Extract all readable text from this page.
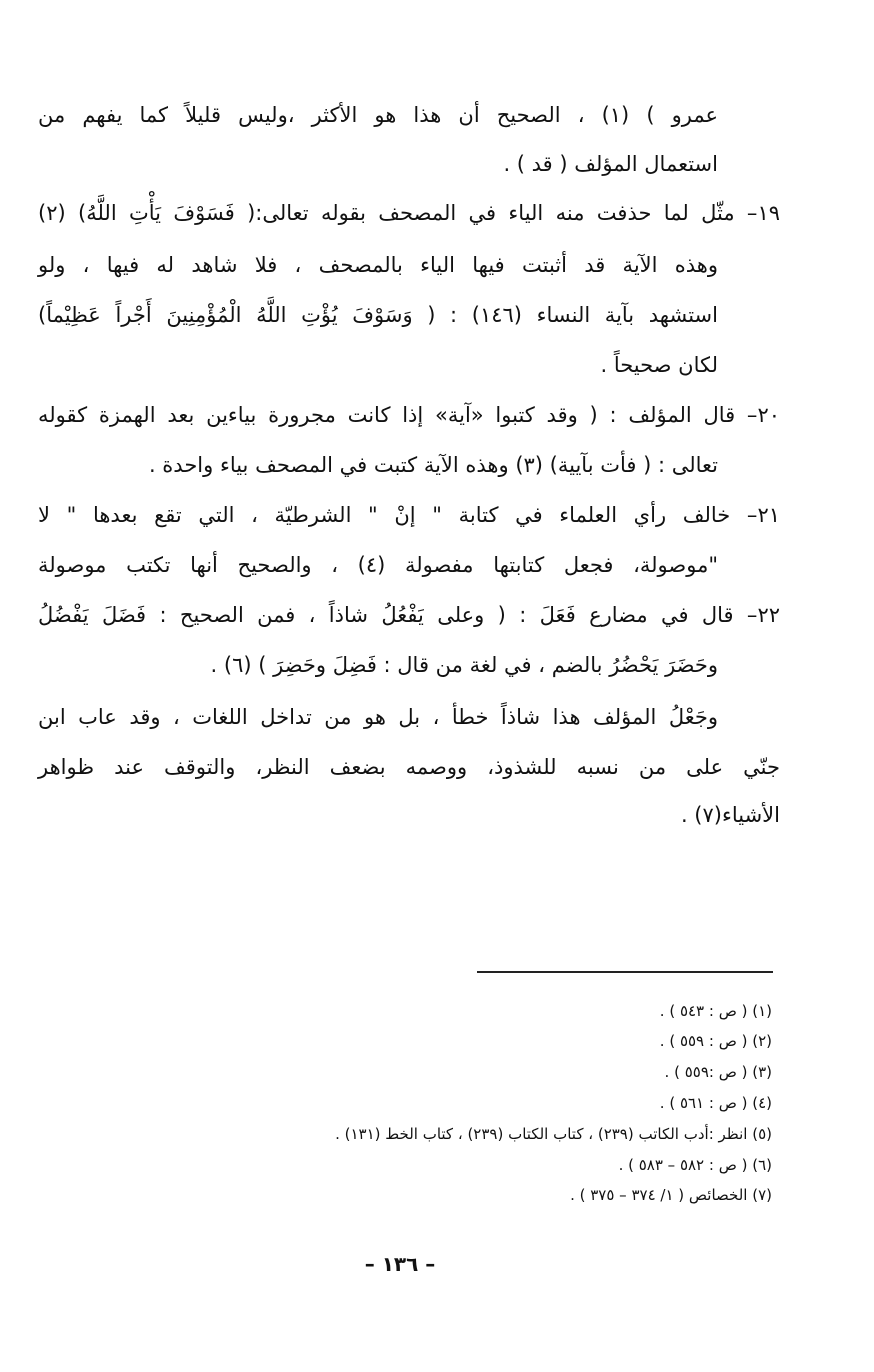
عمرو ) (١) ، الصحيح أن هذا هو الأكثر ،وليس قليلاً كما يفهم من
استعمال المؤلف ( قد ) .
١٩– مثّل لما حذفت منه الياء في المصحف بقوله تعالى:( فَسَوْفَ يَأْتِ اللَّهُ) (٢)
وهذه الآية قد أثبتت فيها الياء بالمصحف ، فلا شاهد له فيها ، ولو
استشهد بآية النساء (١٤٦) : ( وَسَوْفَ يُؤْتِ اللَّهُ الْمُؤْمِنِينَ أَجْراً عَظِيْماً)
لكان صحيحاً .
٢٠– قال المؤلف : ( وقد كتبوا «آية» إذا كانت مجرورة بياءين بعد الهمزة كقوله
تعالى : ( فأت بآيية) (٣) وهذه الآية كتبت في المصحف بياء واحدة .
٢١– خالف رأي العلماء في كتابة " إنْ " الشرطيّة ، التي تقع بعدها " لا
"موصولة، فجعل كتابتها مفصولة (٤) ، والصحيح أنها تكتب موصولة
٢٢– قال في مضارع فَعَلَ : ( وعلى يَفْعُلُ شاذاً ، فمن الصحيح : فَضَلَ يَفْضُلُ
وحَضَرَ يَحْضُرُ بالضم ، في لغة من قال : فَضِلَ وحَضِرَ ) (٦) .
وجَعْلُ المؤلف هذا شاذاً خطأ ، بل هو من تداخل اللغات ، وقد عاب ابن
جنّي على من نسبه للشذوذ، ووصمه بضعف النظر، والتوقف عند ظواهر
الأشياء(٧) .
(١) ( ص : ٥٤٣ ) .
(٢) ( ص : ٥٥٩ ) .
(٣) ( ص :٥٥٩ ) .
(٤) ( ص : ٥٦١ ) .
(٥) انظر :أدب الكاتب (٢٣٩) ، كتاب الكتاب (٢٣٩) ، كتاب الخط (١٣١) .
(٦) ( ص : ٥٨٢ – ٥٨٣ ) .
(٧) الخصائص ( ١/ ٣٧٤ – ٣٧٥ ) .
– ١٣٦ –
